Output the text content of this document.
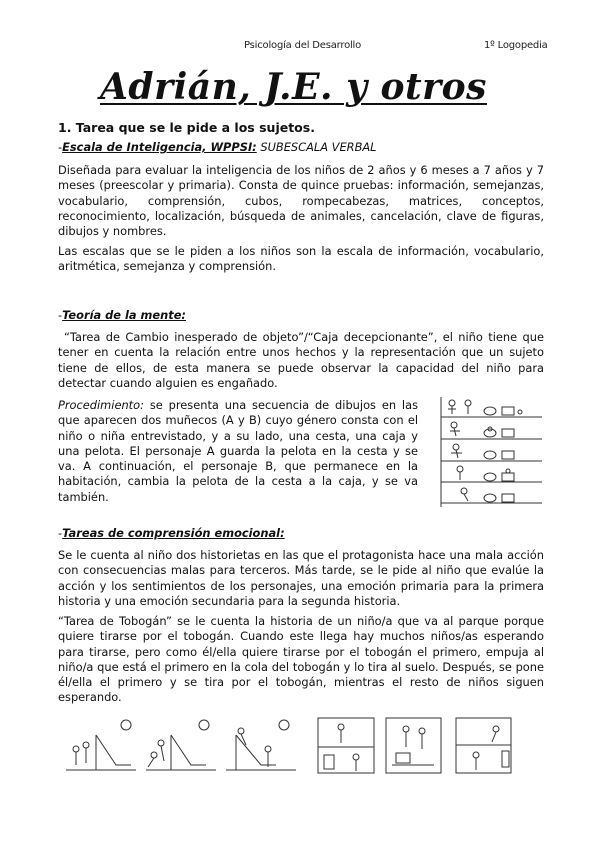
Psicología del Desarrollo	1º Logopedia
Adrián, J.E. y otros
1. Tarea que se le pide a los sujetos.
-Escala de Inteligencia, WPPSI: SUBESCALA VERBAL
Diseñada para evaluar la inteligencia de los niños de 2 años y 6 meses a 7 años y 7 meses (preescolar y primaria). Consta de quince pruebas: información, semejanzas, vocabulario, comprensión, cubos, rompecabezas, matrices, conceptos, reconocimiento, localización, búsqueda de animales, cancelación, clave de figuras, dibujos y nombres.
Las escalas que se le piden a los niños son la escala de información, vocabulario, aritmética, semejanza y comprensión.
-Teoría de la mente:
“Tarea de Cambio inesperado de objeto”/“Caja decepcionante”, el niño tiene que tener en cuenta la relación entre unos hechos y la representación que un sujeto tiene de ellos, de esta manera se puede observar la capacidad del niño para detectar cuando alguien es engañado.
Procedimiento: se presenta una secuencia de dibujos en las que aparecen dos muñecos (A y B) cuyo género consta con el niño o niña entrevistado, y a su lado, una cesta, una caja y una pelota. El personaje A guarda la pelota en la cesta y se va. A continuación, el personaje B, que permanece en la habitación, cambia la pelota de la cesta a la caja, y se va también.
-Tareas de comprensión emocional:
Se le cuenta al niño dos historietas en las que el protagonista hace una mala acción con consecuencias malas para terceros. Más tarde, se le pide al niño que evalúe la acción y los sentimientos de los personajes, una emoción primaria para la primera historia y una emoción secundaria para la segunda historia.
“Tarea de Tobogán” se le cuenta la historia de un niño/a que va al parque porque quiere tirarse por el tobogán. Cuando este llega hay muchos niños/as esperando para tirarse, pero como él/ella quiere tirarse por el tobogán el primero, empuja al niño/a que está el primero en la cola del tobogán y lo tira al suelo. Después, se pone él/ella el primero y se tira por el tobogán, mientras el resto de niños siguen esperando.
